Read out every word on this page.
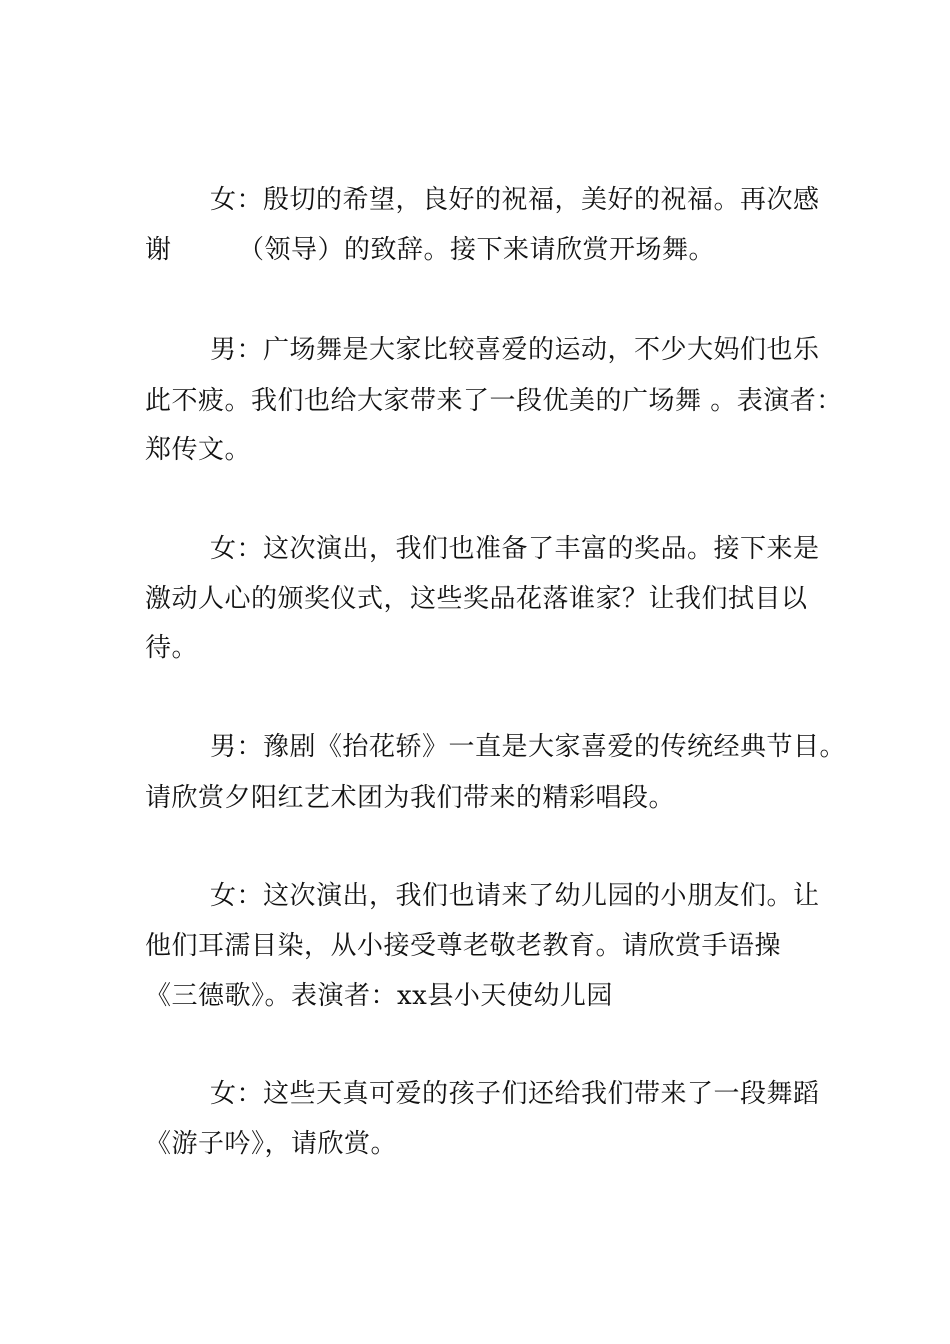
女：殷切的希望，良好的祝福，美好的祝福。再次感
谢　　　（领导）的致辞。接下来请欣赏开场舞。
男：广场舞是大家比较喜爱的运动，不少大妈们也乐
此不疲。我们也给大家带来了一段优美的广场舞 。表演者：
郑传文。
女：这次演出，我们也准备了丰富的奖品。接下来是
激动人心的颁奖仪式，这些奖品花落谁家？让我们拭目以
待。
男：豫剧《抬花轿》一直是大家喜爱的传统经典节目。
请欣赏夕阳红艺术团为我们带来的精彩唱段。
女：这次演出，我们也请来了幼儿园的小朋友们。让
他们耳濡目染，从小接受尊老敬老教育。请欣赏手语操
《三德歌》。表演者：xx县小天使幼儿园
女：这些天真可爱的孩子们还给我们带来了一段舞蹈
《游子吟》，请欣赏。
